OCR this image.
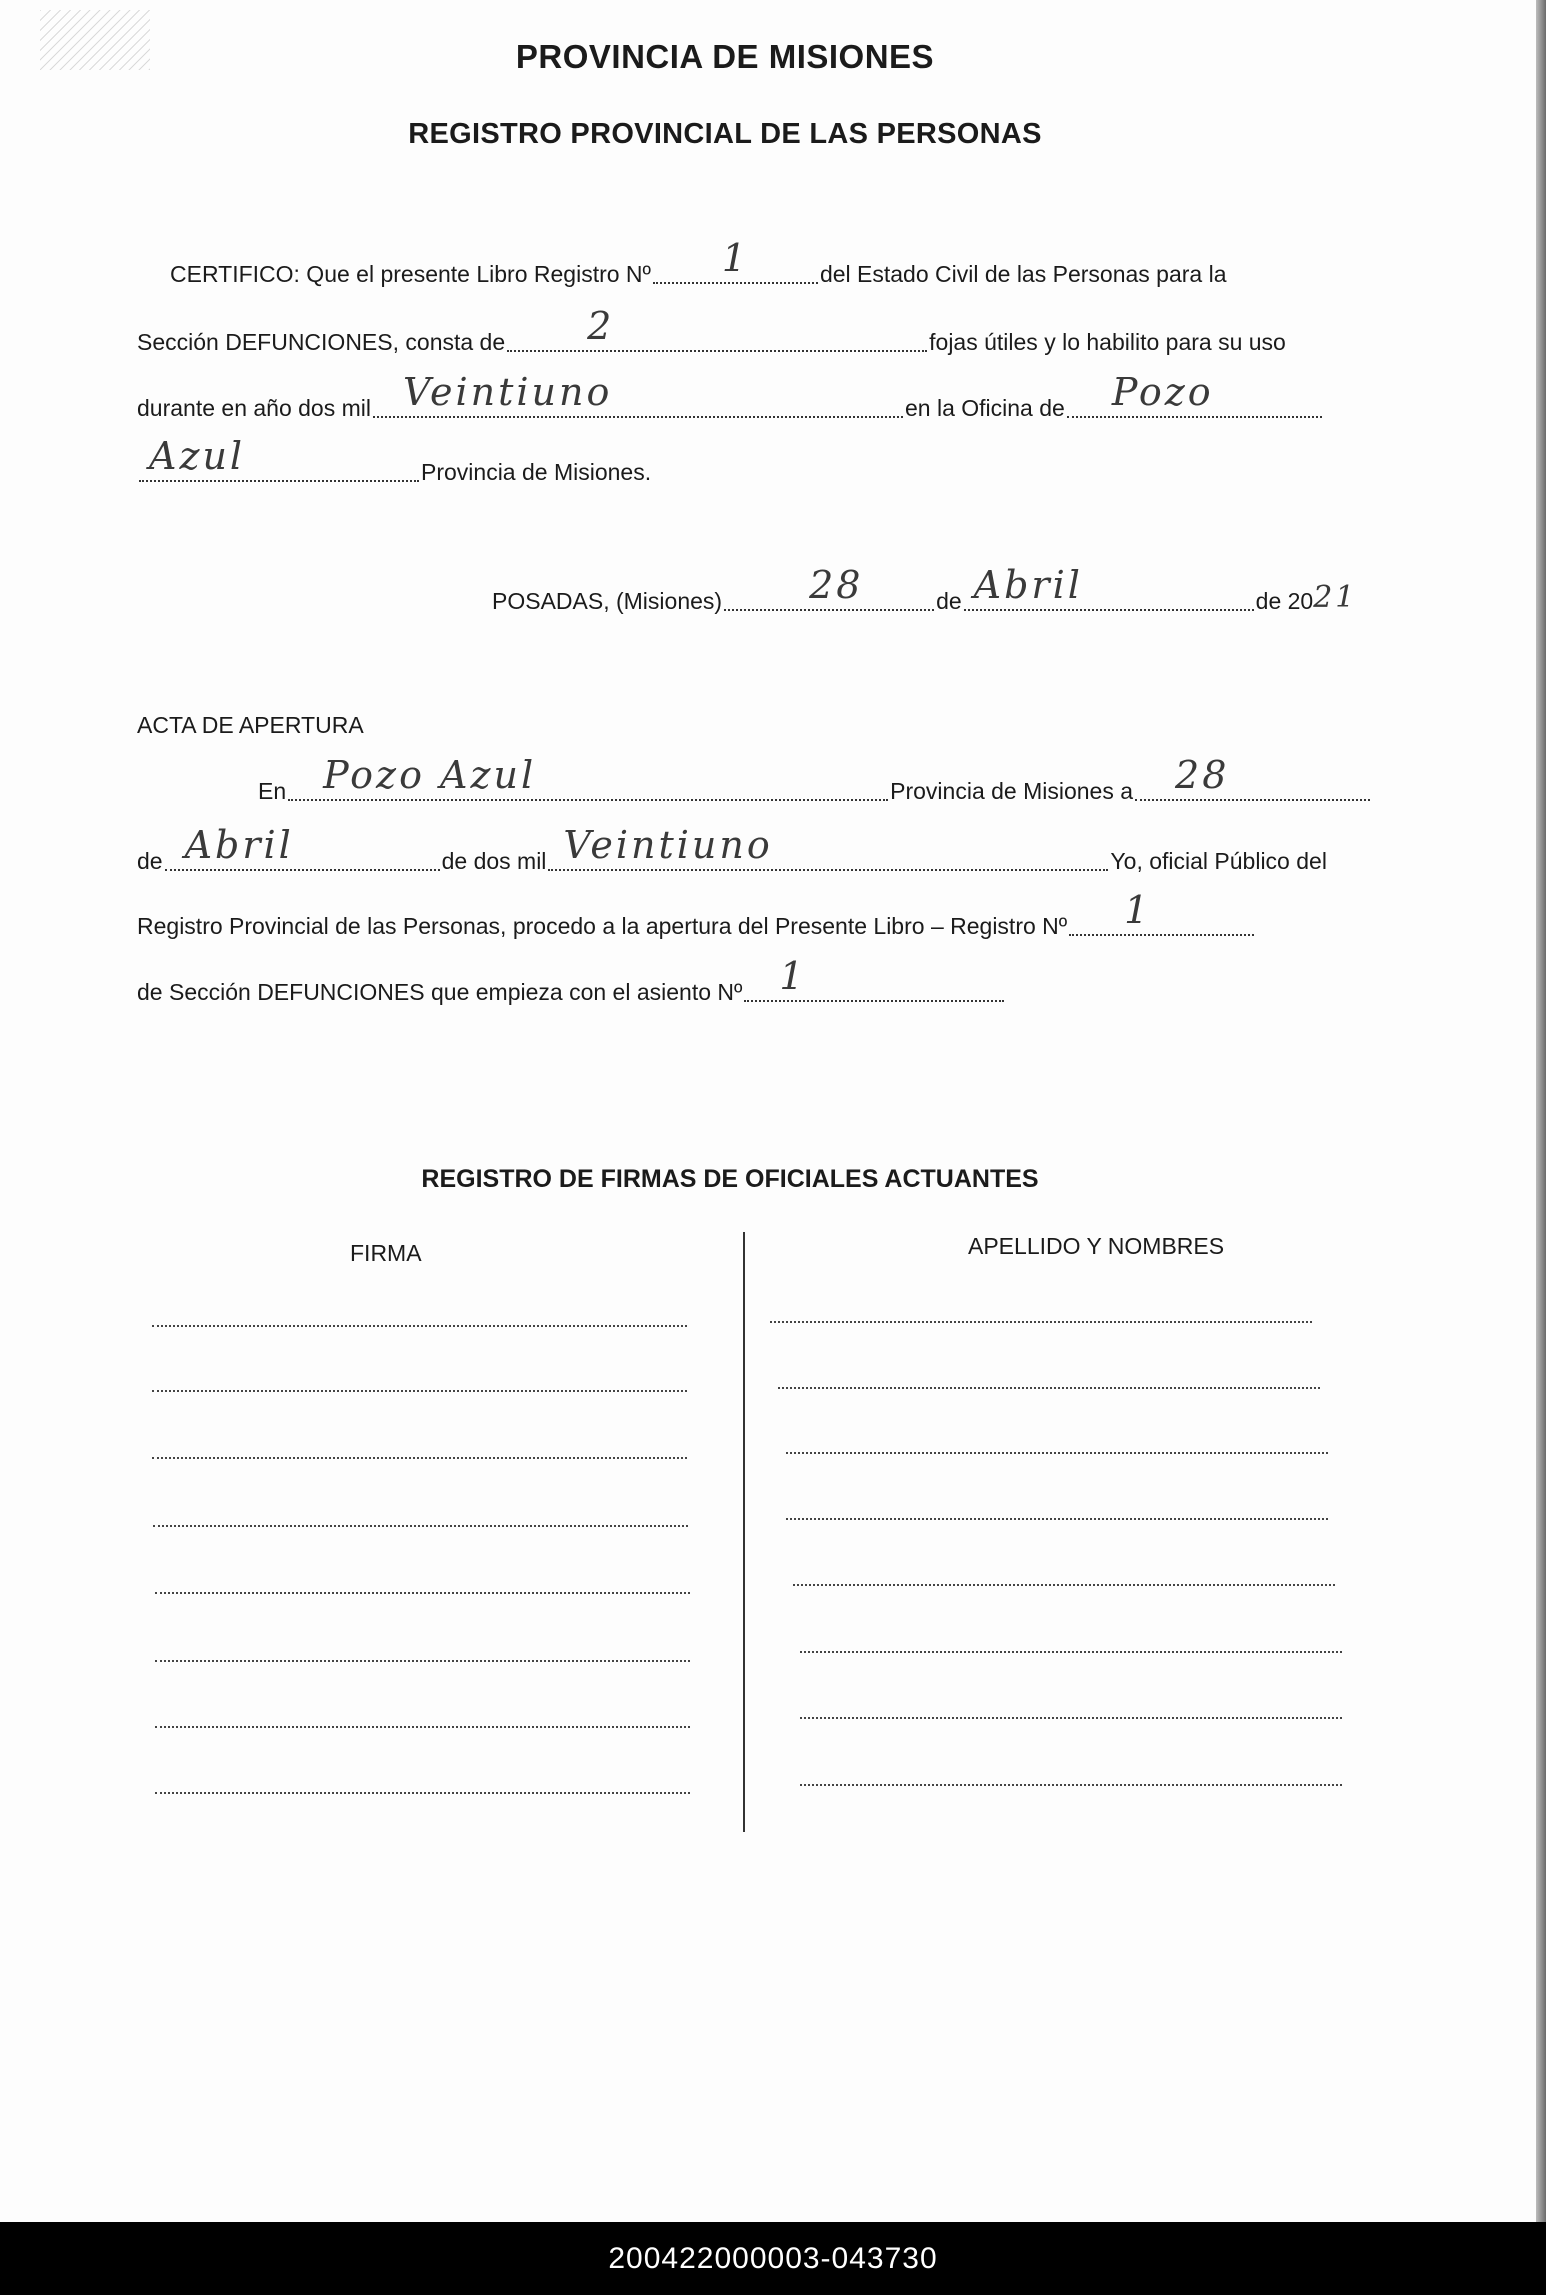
PROVINCIA DE MISIONES
REGISTRO PROVINCIAL DE LAS PERSONAS
CERTIFICO: Que el presente Libro Registro Nº	1	del Estado Civil de las Personas para la
Sección DEFUNCIONES, consta de	2	fojas útiles y lo habilito para su uso
durante en año dos mil Veintiuno	en la Oficina de	Pozo
Azul	Provincia de Misiones.
POSADAS, (Misiones)	28	de Abril	de 20 21
ACTA DE APERTURA
En Pozo Azul	Provincia de Misiones a	28
de Abril	de dos mil Veintiuno	Yo, oficial Público del
Registro Provincial de las Personas, procedo a la apertura del Presente Libro – Registro Nº	1
de Sección DEFUNCIONES que empieza con el asiento Nº 1
REGISTRO DE FIRMAS DE OFICIALES ACTUANTES
FIRMA	APELLIDO Y NOMBRES
200422000003-043730
